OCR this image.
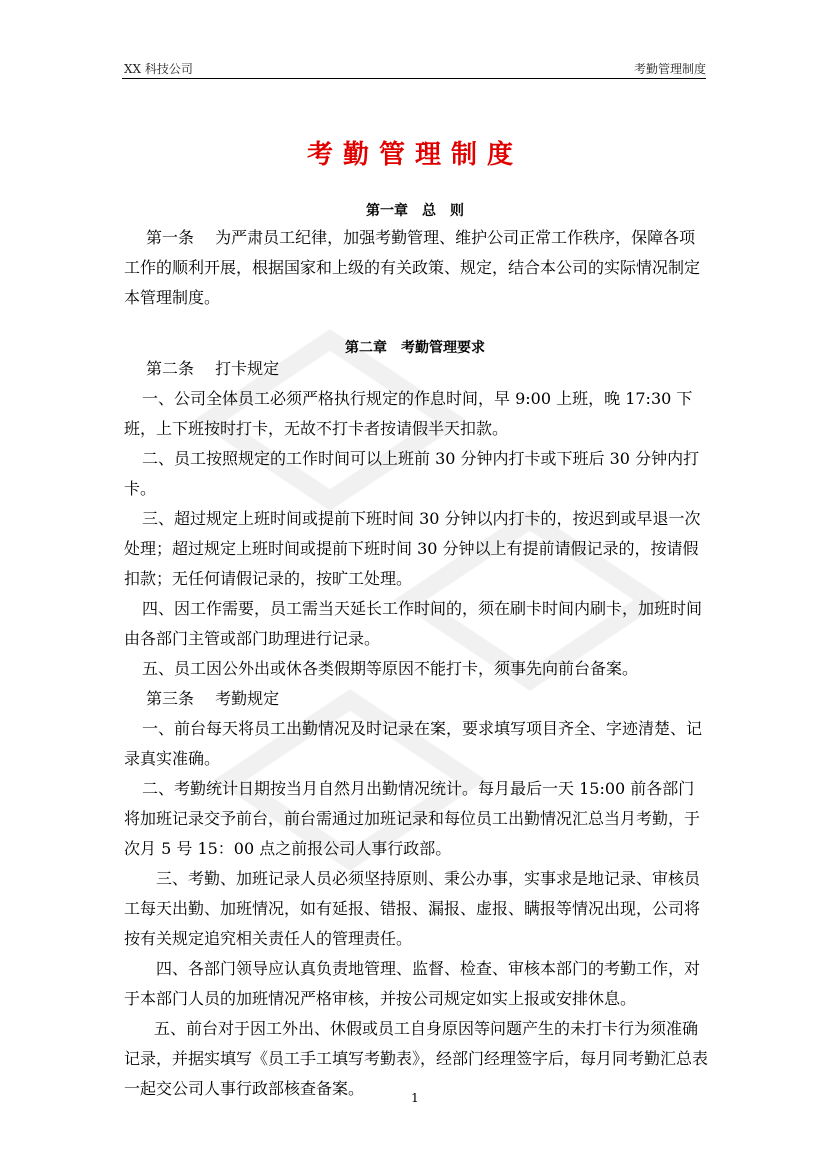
XX 科技公司	考勤管理制度
考勤管理制度
第一章　总　则

第一条　 为严肃员工纪律，加强考勤管理、维护公司正常工作秩序，保障各项工作的顺利开展，根据国家和上级的有关政策、规定，结合本公司的实际情况制定本管理制度。

第二章　考勤管理要求

第二条　 打卡规定

一、公司全体员工必须严格执行规定的作息时间，早 9:00 上班，晚 17:30 下班，上下班按时打卡，无故不打卡者按请假半天扣款。

二、员工按照规定的工作时间可以上班前 30 分钟内打卡或下班后 30 分钟内打卡。

三、超过规定上班时间或提前下班时间 30 分钟以内打卡的，按迟到或早退一次处理；超过规定上班时间或提前下班时间 30 分钟以上有提前请假记录的，按请假扣款；无任何请假记录的，按旷工处理。

四、因工作需要，员工需当天延长工作时间的，须在刷卡时间内刷卡，加班时间由各部门主管或部门助理进行记录。

五、员工因公外出或休各类假期等原因不能打卡，须事先向前台备案。

第三条　 考勤规定

一、前台每天将员工出勤情况及时记录在案，要求填写项目齐全、字迹清楚、记录真实准确。

二、考勤统计日期按当月自然月出勤情况统计。每月最后一天 15:00 前各部门将加班记录交予前台，前台需通过加班记录和每位员工出勤情况汇总当月考勤，于次月 5 号 15：00 点之前报公司人事行政部。

三、考勤、加班记录人员必须坚持原则、秉公办事，实事求是地记录、审核员工每天出勤、加班情况，如有延报、错报、漏报、虚报、瞒报等情况出现，公司将按有关规定追究相关责任人的管理责任。

四、各部门领导应认真负责地管理、监督、检查、审核本部门的考勤工作，对于本部门人员的加班情况严格审核，并按公司规定如实上报或安排休息。

五、前台对于因工外出、休假或员工自身原因等问题产生的未打卡行为须准确记录，并据实填写《员工手工填写考勤表》，经部门经理签字后，每月同考勤汇总表一起交公司人事行政部核查备案。	1
